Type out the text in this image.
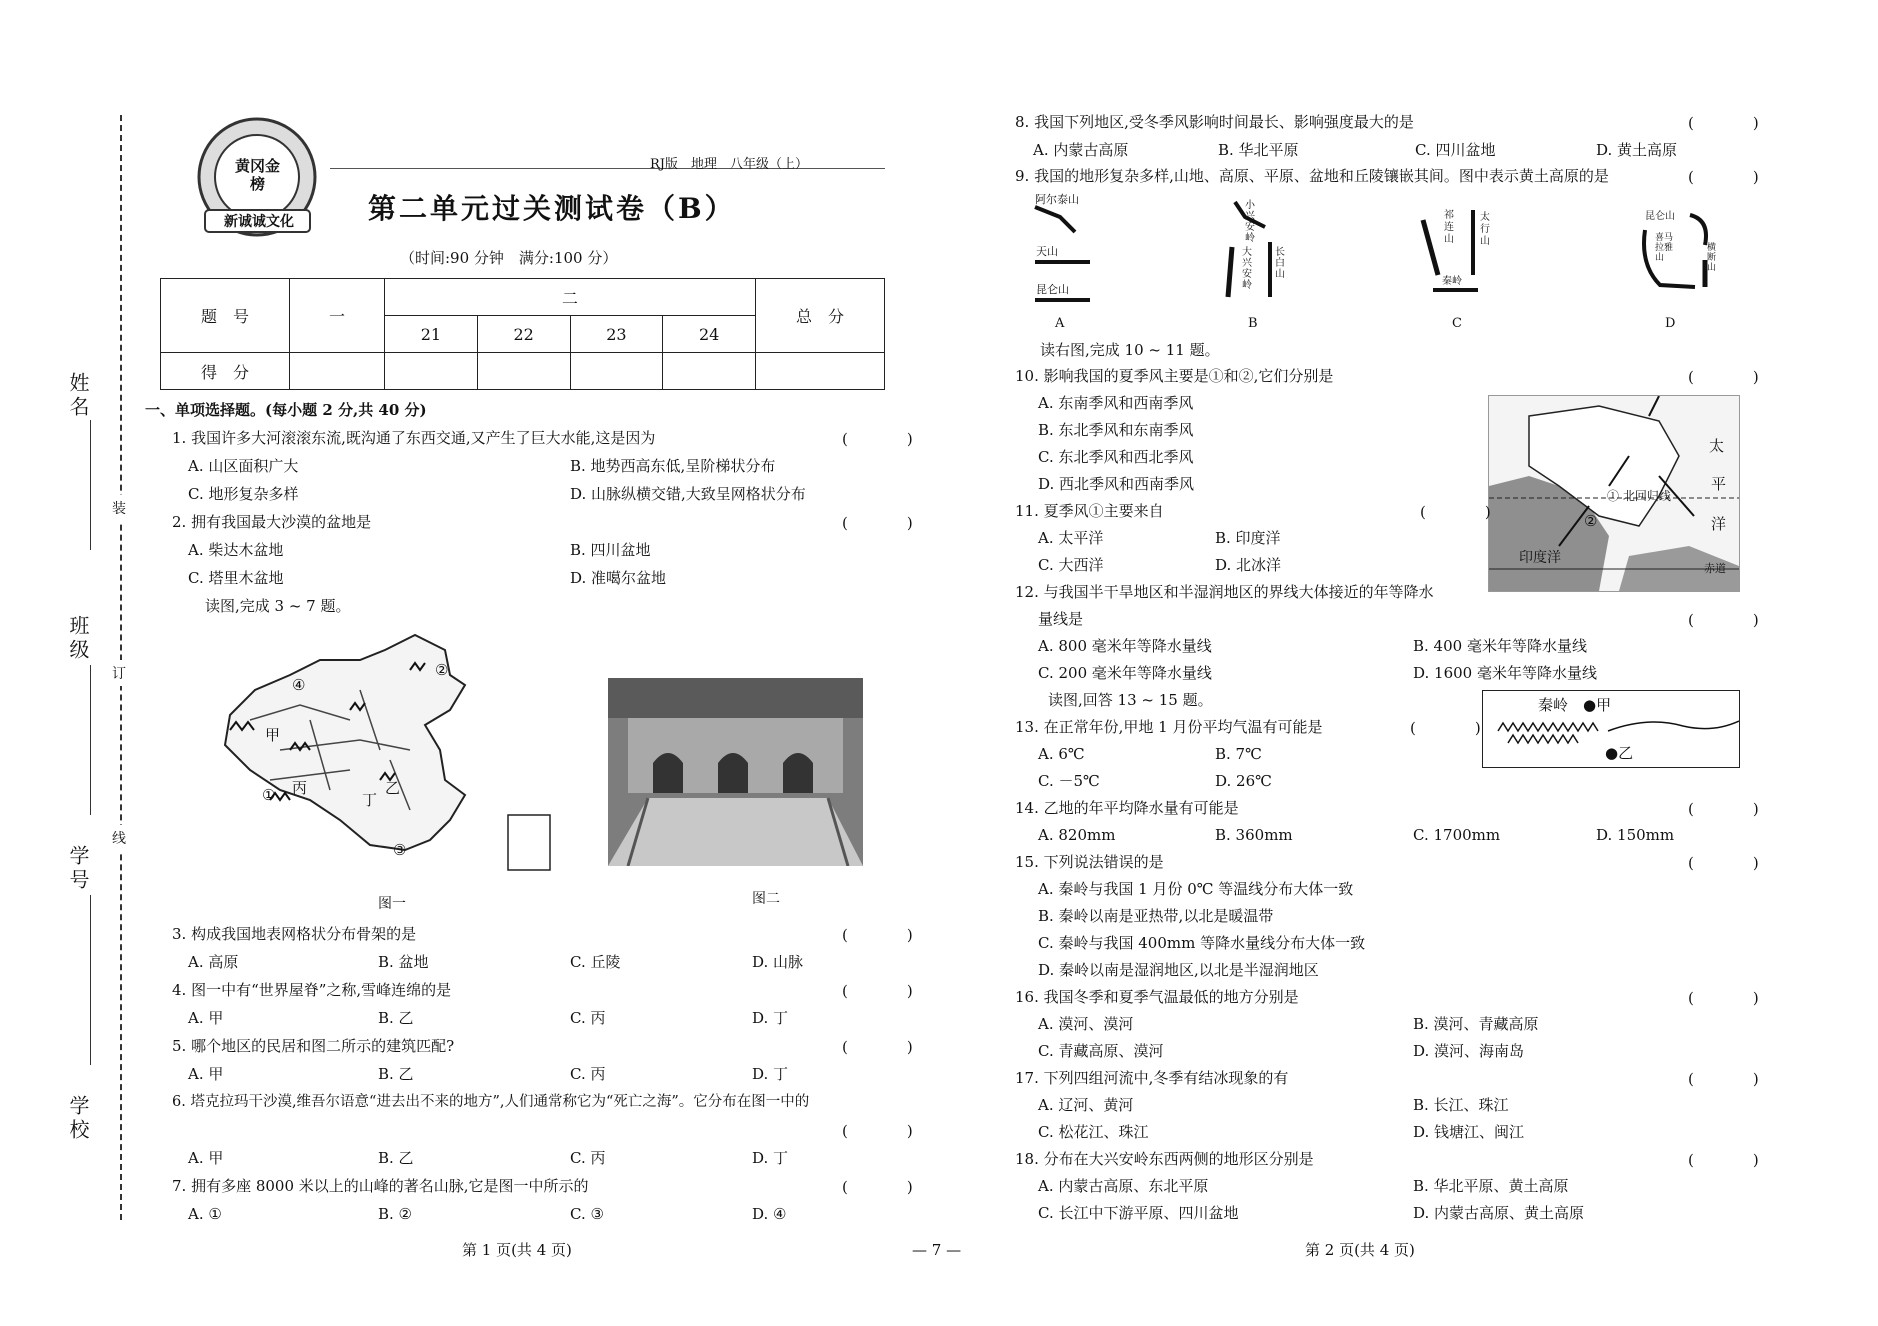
装
订
线
姓名
班级
学号
学校
黄冈金榜
新诚诚文化
RJ版　地理　八年级（上）
第二单元过关测试卷（B）
（时间:90 分钟　满分:100 分）
题　号	一	二				总　分
		21	22	23	24	
得　分						
一、单项选择题。(每小题 2 分,共 40 分)
1. 我国许多大河滚滚东流,既沟通了东西交通,又产生了巨大水能,这是因为	(　)
A. 山区面积广大	B. 地势西高东低,呈阶梯状分布
C. 地形复杂多样	D. 山脉纵横交错,大致呈网格状分布
2. 拥有我国最大沙漠的盆地是	(　)
A. 柴达木盆地	B. 四川盆地
C. 塔里木盆地	D. 准噶尔盆地
读图,完成 3 ~ 7 题。
④
②
甲
① 丙
丁
乙
③
图一	图二
3. 构成我国地表网格状分布骨架的是	(　)
A. 高原	B. 盆地	C. 丘陵	D. 山脉
4. 图一中有“世界屋脊”之称,雪峰连绵的是	(　)
A. 甲	B. 乙	C. 丙	D. 丁
5. 哪个地区的民居和图二所示的建筑匹配?	(　)
A. 甲	B. 乙	C. 丙	D. 丁
6. 塔克拉玛干沙漠,维吾尔语意“进去出不来的地方”,人们通常称它为“死亡之海”。它分布在图一中的
(　)
A. 甲	B. 乙	C. 丙	D. 丁
7. 拥有多座 8000 米以上的山峰的著名山脉,它是图一中所示的	(　)
A. ①	B. ②	C. ③	D. ④
8. 我国下列地区,受冬季风影响时间最长、影响强度最大的是	(　)
A. 内蒙古高原	B. 华北平原	C. 四川盆地	D. 黄土高原
9. 我国的地形复杂多样,山地、高原、平原、盆地和丘陵镶嵌其间。图中表示黄土高原的是	(　)
阿尔泰山
天山
昆仑山
A
小兴安岭
大兴安岭
长白山
B
祁连山
太行山
秦岭
C
昆仑山
喜马拉雅山
横断山
D
读右图,完成 10 ~ 11 题。
10. 影响我国的夏季风主要是①和②,它们分别是	(　)
A. 东南季风和西南季风
B. 东北季风和东南季风
C. 东北季风和西北季风
D. 西北季风和西南季风
太
平
洋
① 北回归线
②
印度洋
赤道
11. 夏季风①主要来自	(　)
A. 太平洋	B. 印度洋
C. 大西洋	D. 北冰洋
12. 与我国半干旱地区和半湿润地区的界线大体接近的年等降水
量线是	(　)
A. 800 毫米年等降水量线	B. 400 毫米年等降水量线
C. 200 毫米年等降水量线	D. 1600 毫米年等降水量线
读图,回答 13 ~ 15 题。	秦岭 ●甲
●乙
13. 在正常年份,甲地 1 月份平均气温有可能是	(　)
A. 6℃	B. 7℃
C. －5℃	D. 26℃
14. 乙地的年平均降水量有可能是	(　)
A. 820mm	B. 360mm	C. 1700mm	D. 150mm
15. 下列说法错误的是	(　)
A. 秦岭与我国 1 月份 0℃ 等温线分布大体一致
B. 秦岭以南是亚热带,以北是暖温带
C. 秦岭与我国 400mm 等降水量线分布大体一致
D. 秦岭以南是湿润地区,以北是半湿润地区
16. 我国冬季和夏季气温最低的地方分别是	(　)
A. 漠河、漠河	B. 漠河、青藏高原
C. 青藏高原、漠河	D. 漠河、海南岛
17. 下列四组河流中,冬季有结冰现象的有	(　)
A. 辽河、黄河	B. 长江、珠江
C. 松花江、珠江	D. 钱塘江、闽江
18. 分布在大兴安岭东西两侧的地形区分别是	(　)
A. 内蒙古高原、东北平原	B. 华北平原、黄土高原
C. 长江中下游平原、四川盆地	D. 内蒙古高原、黄土高原
第 1 页(共 4 页)	— 7 —	第 2 页(共 4 页)
